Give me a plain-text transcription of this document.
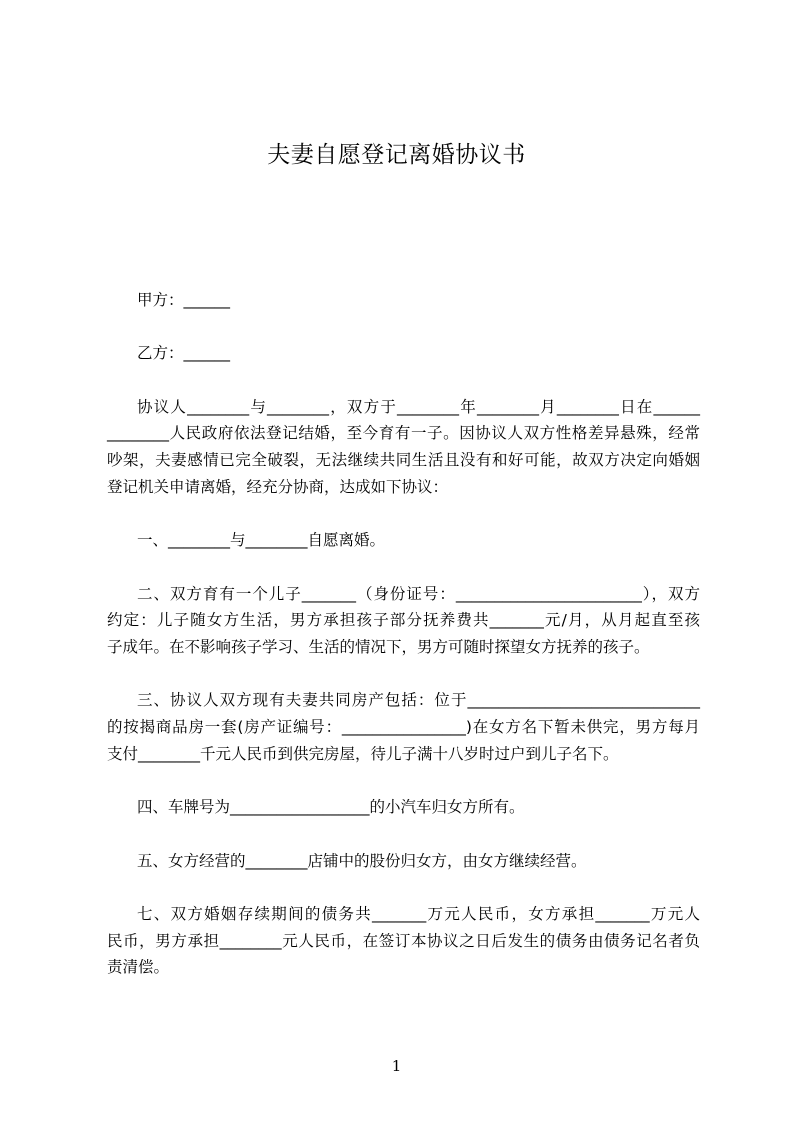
夫妻自愿登记离婚协议书
甲方：______
乙方：______
协议人________与________，双方于________年________月________日在______
________人民政府依法登记结婚，至今育有一子。因协议人双方性格差异悬殊，经常
吵架，夫妻感情已完全破裂，无法继续共同生活且没有和好可能，故双方决定向婚姻
登记机关申请离婚，经充分协商，达成如下协议：
一、________与________自愿离婚。
二、双方育有一个儿子_______（身份证号：________________________），双方
约定：儿子随女方生活，男方承担孩子部分抚养费共_______元/月，从月起直至孩
子成年。在不影响孩子学习、生活的情况下，男方可随时探望女方抚养的孩子。
三、协议人双方现有夫妻共同房产包括：位于______________________________
的按揭商品房一套(房产证编号：________________)在女方名下暂未供完，男方每月
支付________千元人民币到供完房屋，待儿子满十八岁时过户到儿子名下。
四、车牌号为__________________的小汽车归女方所有。
五、女方经营的________店铺中的股份归女方，由女方继续经营。
七、双方婚姻存续期间的债务共_______万元人民币，女方承担_______万元人
民币，男方承担________元人民币，在签订本协议之日后发生的债务由债务记名者负
责清偿。
1
